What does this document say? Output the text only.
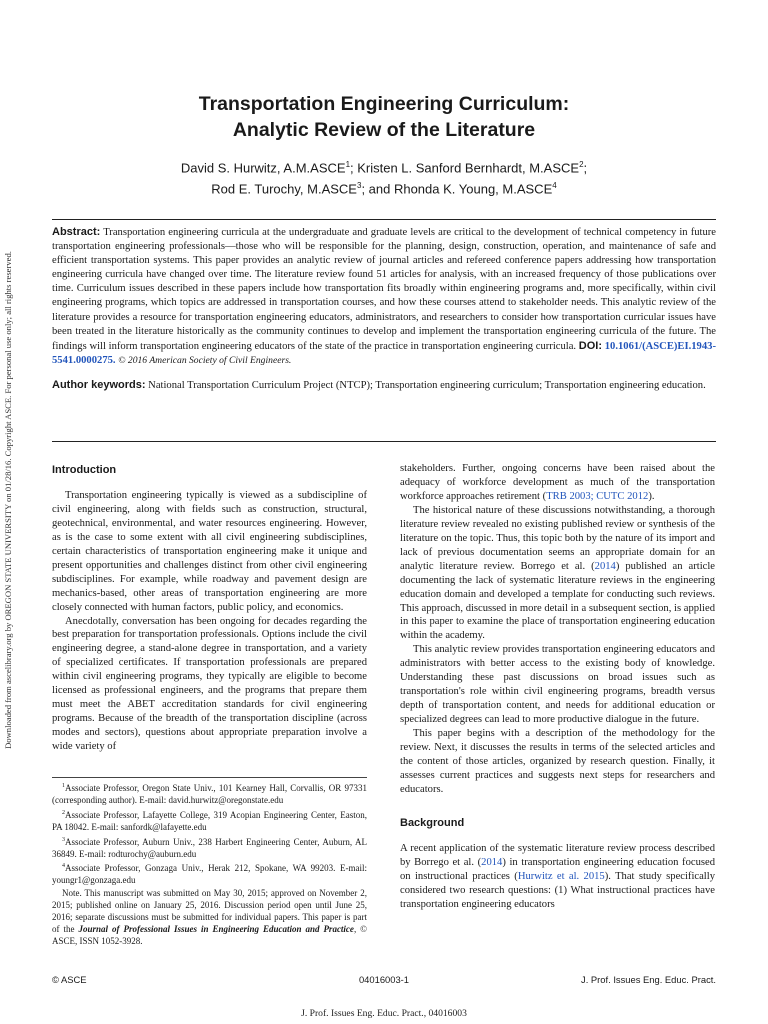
Downloaded from ascelibrary.org by OREGON STATE UNIVERSITY on 01/28/16. Copyright ASCE. For personal use only; all rights reserved.
Transportation Engineering Curriculum:
Analytic Review of the Literature
David S. Hurwitz, A.M.ASCE$^1$; Kristen L. Sanford Bernhardt, M.ASCE$^2$;
Rod E. Turochy, M.ASCE$^3$; and Rhonda K. Young, M.ASCE$^4$

Abstract: Transportation engineering curricula at the undergraduate and graduate levels are critical to the development of technical competency in future transportation engineering professionals—those who will be responsible for the planning, design, construction, operation, and maintenance of safe and efficient transportation systems. This paper provides an analytic review of journal articles and refereed conference papers addressing how transportation engineering curricula have changed over time. The literature review found 51 articles for analysis, with an increased frequency of those publications over time. Curriculum issues described in these papers include how transportation fits broadly within engineering programs and, more specifically, within civil engineering programs, which topics are addressed in transportation courses, and how these courses attend to stakeholder needs. This analytic review of the literature provides a resource for transportation engineering educators, administrators, and researchers to consider how transportation curricular issues have been treated in the literature historically as the community continues to develop and implement the transportation engineering curricula of the future. The findings will inform transportation engineering educators of the state of the practice in transportation engineering curricula. DOI: 10.1061/(ASCE)EI.1943-5541.0000275. © 2016 American Society of Civil Engineers.

Author keywords: National Transportation Curriculum Project (NTCP); Transportation engineering curriculum; Transportation engineering education.

Introduction

Transportation engineering typically is viewed as a subdiscipline of civil engineering, along with fields such as construction, structural, geotechnical, environmental, and water resources engineering. However, as is the case to some extent with all civil engineering subdisciplines, certain characteristics of transportation engineering make it unique and present opportunities and challenges distinct from other civil engineering subdisciplines. For example, while roadway and pavement design are mechanics-based, other areas of transportation engineering are more closely connected with human factors, public policy, and economics.

Anecdotally, conversation has been ongoing for decades regarding the best preparation for transportation professionals. Options include the civil engineering degree, a stand-alone degree in transportation, and a variety of specialized certificates. If transportation professionals are prepared within civil engineering programs, they typically are eligible to become licensed as professional engineers, and the programs that prepare them must meet the ABET accreditation standards for civil engineering programs. Because of the breadth of the transportation discipline (across modes and sectors), questions about appropriate preparation involve a wide variety of

$^1$Associate Professor, Oregon State Univ., 101 Kearney Hall, Corvallis, OR 97331 (corresponding author). E-mail: david.hurwitz@oregonstate.edu

$^2$Associate Professor, Lafayette College, 319 Acopian Engineering Center, Easton, PA 18042. E-mail: sanfordk@lafayette.edu

$^3$Associate Professor, Auburn Univ., 238 Harbert Engineering Center, Auburn, AL 36849. E-mail: rodturochy@auburn.edu

$^4$Associate Professor, Gonzaga Univ., Herak 212, Spokane, WA 99203. E-mail: youngr1@gonzaga.edu

Note. This manuscript was submitted on May 30, 2015; approved on November 2, 2015; published online on January 25, 2016. Discussion period open until June 25, 2016; separate discussions must be submitted for individual papers. This paper is part of the Journal of Professional Issues in Engineering Education and Practice, © ASCE, ISSN 1052-3928.

stakeholders. Further, ongoing concerns have been raised about the adequacy of workforce development as much of the transportation workforce approaches retirement (TRB 2003; CUTC 2012).

The historical nature of these discussions notwithstanding, a thorough literature review revealed no existing published review or synthesis of the literature on the topic. Thus, this topic both by the nature of its import and lack of previous documentation seems an appropriate domain for an analytic literature review. Borrego et al. (2014) published an article documenting the lack of systematic literature reviews in the engineering education domain and developed a template for conducting such reviews. This approach, discussed in more detail in a subsequent section, is applied in this paper to examine the place of transportation engineering education within the academy.

This analytic review provides transportation engineering educators and administrators with better access to the existing body of knowledge. Understanding these past discussions on broad issues such as transportation's role within civil engineering programs, breadth versus depth of transportation content, and needs for additional education or specialized degrees can lead to more productive dialogue in the future.

This paper begins with a description of the methodology for the review. Next, it discusses the results in terms of the selected articles and the content of those articles, organized by research question. Finally, it assesses current practices and suggests next steps for researchers and educators.

Background

A recent application of the systematic literature review process described by Borrego et al. (2014) in transportation engineering education focused on instructional practices (Hurwitz et al. 2015). That study specifically considered two research questions: (1) What instructional practices have transportation engineering educators

© ASCE	04016003-1	J. Prof. Issues Eng. Educ. Pract.
J. Prof. Issues Eng. Educ. Pract., 04016003
